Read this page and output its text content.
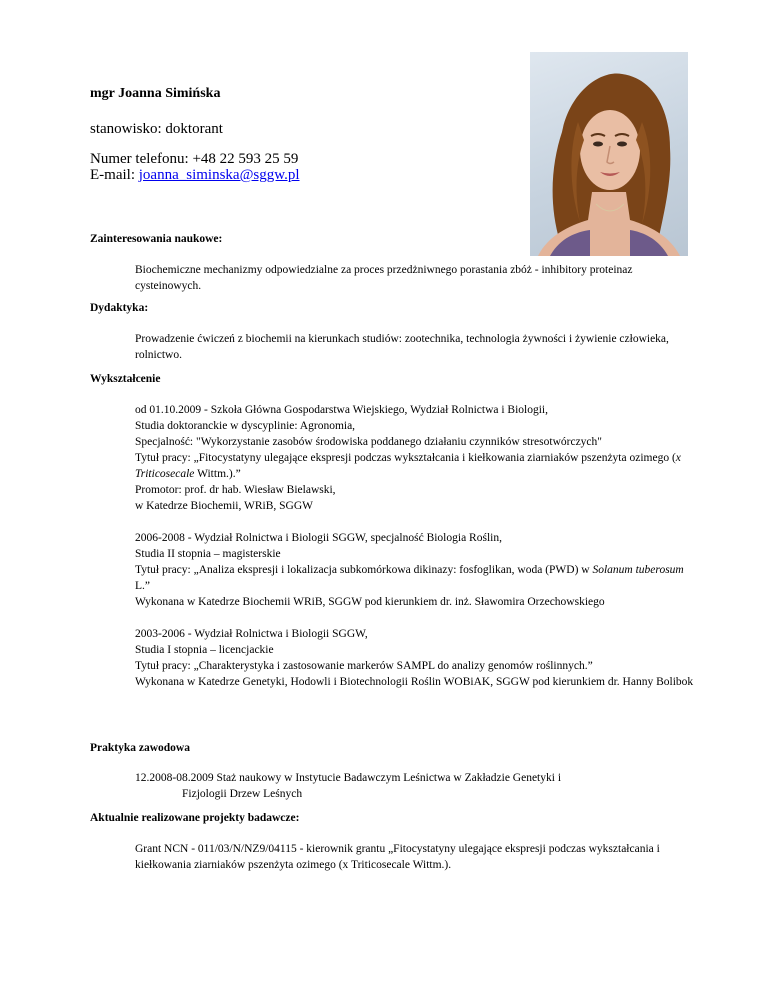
mgr Joanna Simińska
stanowisko: doktorant
Numer telefonu: +48 22 593 25 59
E-mail: joanna_siminska@sggw.pl
Zainteresowania naukowe:
Biochemiczne mechanizmy odpowiedzialne za proces przedżniwnego porastania zbóż - inhibitory proteinaz cysteinowych.
Dydaktyka:
Prowadzenie ćwiczeń z biochemii na kierunkach studiów: zootechnika, technologia żywności i żywienie człowieka, rolnictwo.
Wykształcenie

od 01.10.2009 - Szkoła Główna Gospodarstwa Wiejskiego, Wydział Rolnictwa i Biologii,

Studia doktoranckie w dyscyplinie: Agronomia,

Specjalność: "Wykorzystanie zasobów środowiska poddanego działaniu czynników stresotwórczych"

Tytuł pracy: „Fitocystatyny ulegające ekspresji podczas wykształcania i kiełkowania ziarniaków pszenżyta ozimego (x Triticosecale Wittm.).”

Promotor: prof. dr hab. Wiesław Bielawski,

w Katedrze Biochemii, WRiB, SGGW

2006-2008 - Wydział Rolnictwa i Biologii SGGW, specjalność Biologia Roślin,

Studia II stopnia – magisterskie

Tytuł pracy: „Analiza ekspresji i lokalizacja subkomórkowa dikinazy: fosfoglikan, woda (PWD) w Solanum tuberosum L.”

Wykonana w Katedrze Biochemii WRiB, SGGW pod kierunkiem dr. inż. Sławomira Orzechowskiego

2003-2006 - Wydział Rolnictwa i Biologii SGGW,

Studia I stopnia – licencjackie

Tytuł pracy: „Charakterystyka i zastosowanie markerów SAMPL do analizy genomów roślinnych.”

Wykonana w Katedrze Genetyki, Hodowli i Biotechnologii Roślin WOBiAK, SGGW pod kierunkiem dr. Hanny Bolibok

Praktyka zawodowa

12.2008-08.2009 Staż naukowy w Instytucie Badawczym Leśnictwa w Zakładzie Genetyki i

Fizjologii Drzew Leśnych

Aktualnie realizowane projekty badawcze:
Grant NCN - 011/03/N/NZ9/04115 - kierownik grantu „Fitocystatyny ulegające ekspresji podczas wykształcania i kiełkowania ziarniaków pszenżyta ozimego (x Triticosecale Wittm.).
